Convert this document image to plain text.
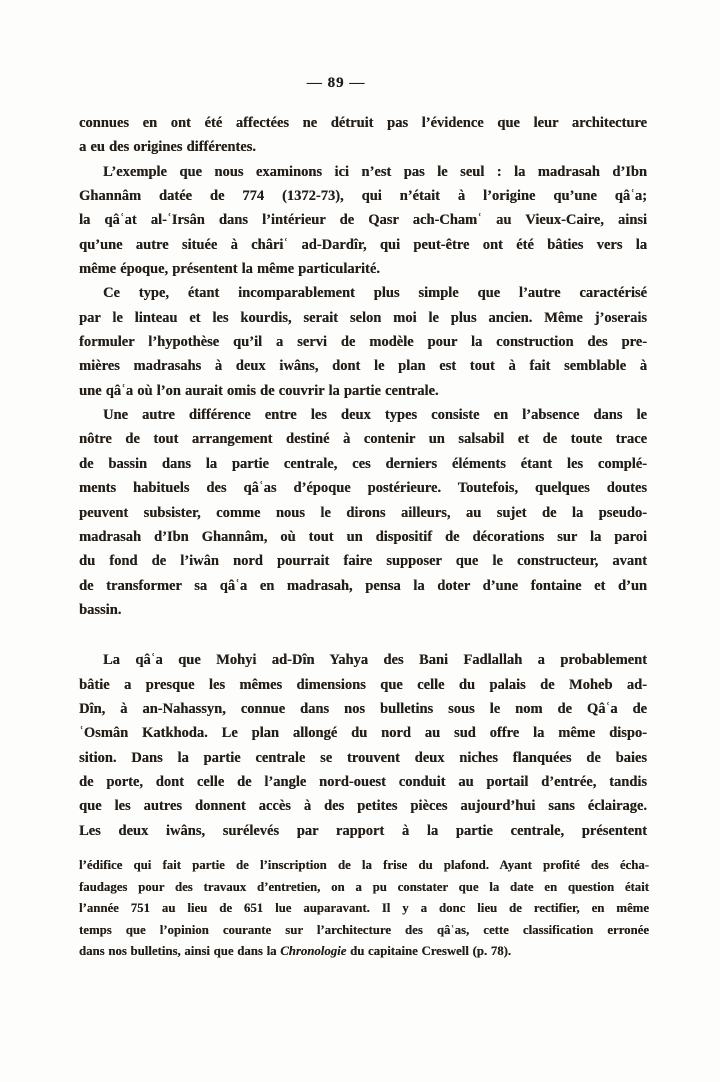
— 89 —
connues en ont été affectées ne détruit pas l’évidence que leur architecture
a eu des origines différentes.
L’exemple que nous examinons ici n’est pas le seul : la madrasah d’Ibn
Ghannâm datée de 774 (1372-73), qui n’était à l’origine qu’une qâʿa;
la qâʿat al-ʿIrsân dans l’intérieur de Qasr ach-Chamʿ au Vieux-Caire, ainsi
qu’une autre située à châriʿ ad-Dardîr, qui peut-être ont été bâties vers la
même époque, présentent la même particularité.
Ce type, étant incomparablement plus simple que l’autre caractérisé
par le linteau et les kourdis, serait selon moi le plus ancien. Même j’oserais
formuler l’hypothèse qu’il a servi de modèle pour la construction des pre-
mières madrasahs à deux iwâns, dont le plan est tout à fait semblable à
une qâʿa où l’on aurait omis de couvrir la partie centrale.
Une autre différence entre les deux types consiste en l’absence dans le
nôtre de tout arrangement destiné à contenir un salsabil et de toute trace
de bassin dans la partie centrale, ces derniers éléments étant les complé-
ments habituels des qâʿas d’époque postérieure. Toutefois, quelques doutes
peuvent subsister, comme nous le dirons ailleurs, au sujet de la pseudo-
madrasah d’Ibn Ghannâm, où tout un dispositif de décorations sur la paroi
du fond de l’iwân nord pourrait faire supposer que le constructeur, avant
de transformer sa qâʿa en madrasah, pensa la doter d’une fontaine et d’un
bassin.
La qâʿa que Mohyi ad-Dîn Yahya des Bani Fadlallah a probablement
bâtie a presque les mêmes dimensions que celle du palais de Moheb ad-
Dîn, à an-Nahassyn, connue dans nos bulletins sous le nom de Qâʿa de
ʿOsmân Katkhoda. Le plan allongé du nord au sud offre la même dispo-
sition. Dans la partie centrale se trouvent deux niches flanquées de baies
de porte, dont celle de l’angle nord-ouest conduit au portail d’entrée, tandis
que les autres donnent accès à des petites pièces aujourd’hui sans éclairage.
Les deux iwâns, surélevés par rapport à la partie centrale, présentent
l’édifice qui fait partie de l’inscription de la frise du plafond. Ayant profité des écha-
faudages pour des travaux d’entretien, on a pu constater que la date en question était
l’année 751 au lieu de 651 lue auparavant. Il y a donc lieu de rectifier, en même
temps que l’opinion courante sur l’architecture des qâʿas, cette classification erronée
dans nos bulletins, ainsi que dans la Chronologie du capitaine Creswell (p. 78).
